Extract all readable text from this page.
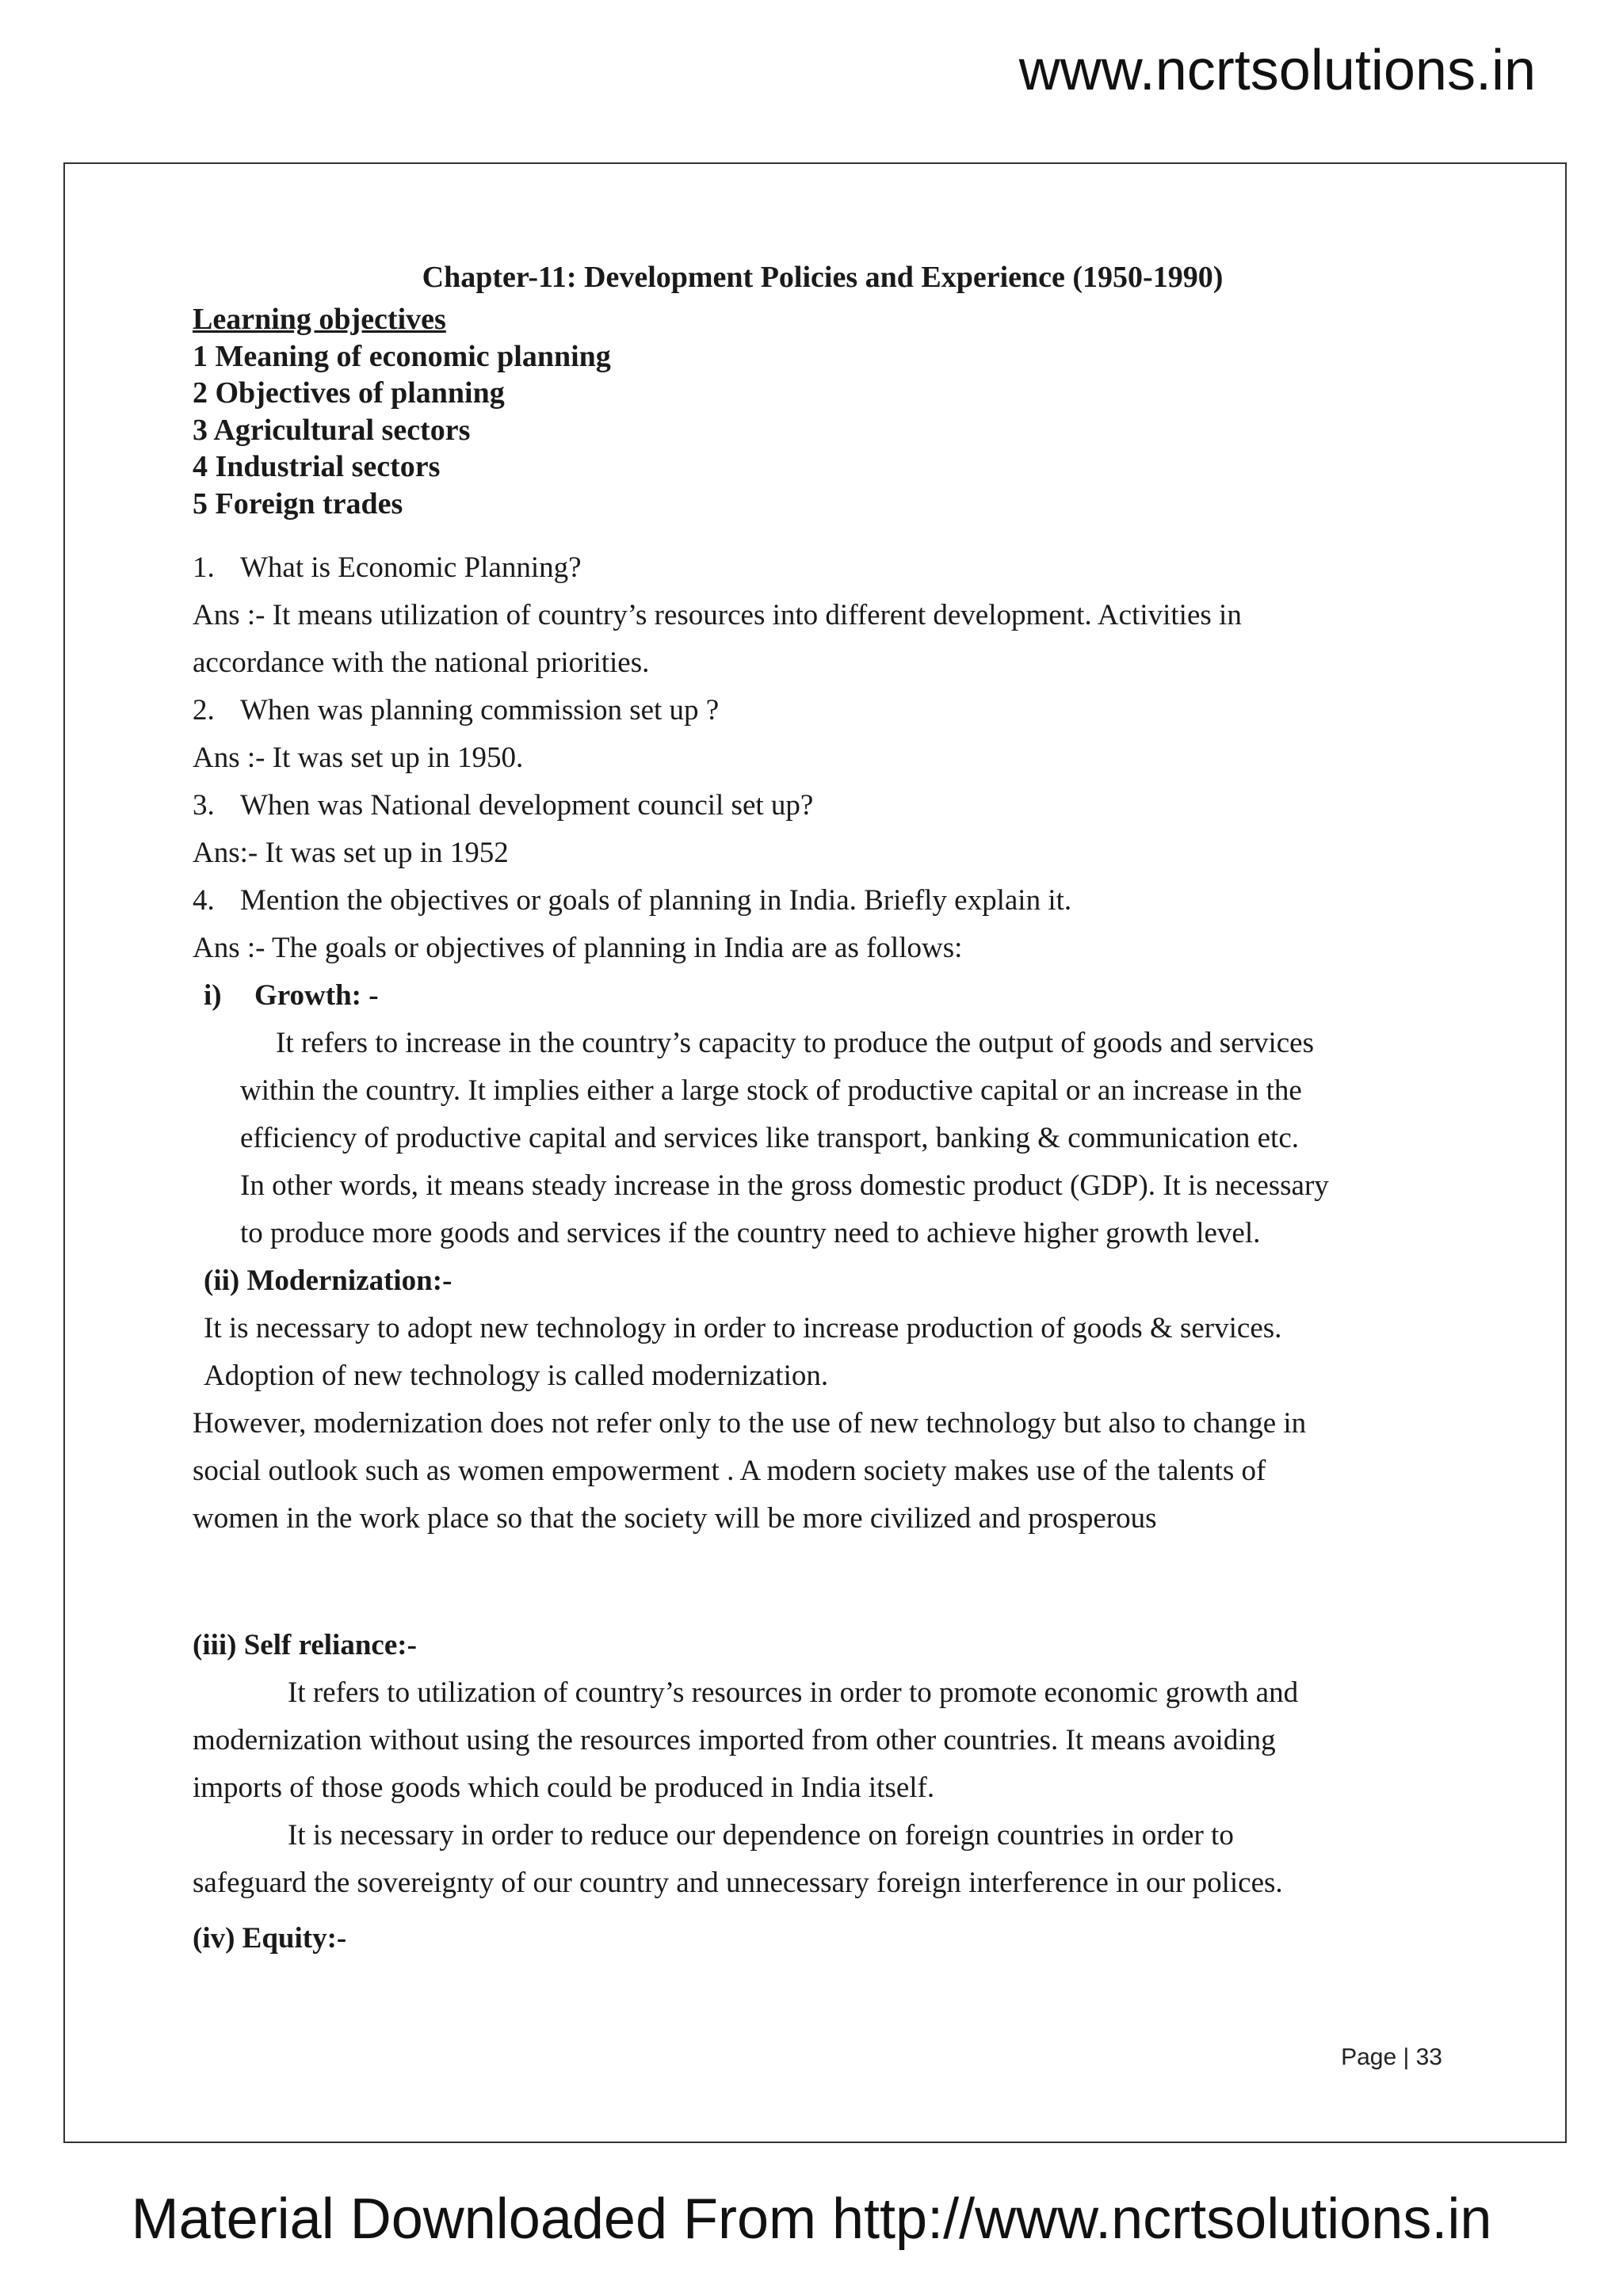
www.ncrtsolutions.in
Chapter-11: Development Policies and Experience (1950-1990)
Learning objectives
1 Meaning of economic planning
2 Objectives of planning
3 Agricultural sectors
4 Industrial sectors
5 Foreign trades
1. What is Economic Planning?
Ans :- It means utilization of country’s resources into different development. Activities in
accordance with the national priorities.
2. When was planning commission set up ?
Ans :- It was set up in 1950.
3. When was National development council set up?
Ans:- It was set up in 1952
4. Mention the objectives or goals of planning in India. Briefly explain it.
Ans :- The goals or objectives of planning in India are as follows:
i) Growth: -
It refers to increase in the country’s capacity to produce the output of goods and services
within the country. It implies either a large stock of productive capital or an increase in the
efficiency of productive capital and services like transport, banking & communication etc.
In other words, it means steady increase in the gross domestic product (GDP). It is necessary
to produce more goods and services if the country need to achieve higher growth level.
(ii) Modernization:-
It is necessary to adopt new technology in order to increase production of goods & services.
Adoption of new technology is called modernization.
However, modernization does not refer only to the use of new technology but also to change in
social outlook such as women empowerment . A modern society makes use of the talents of
women in the work place so that the society will be more civilized and prosperous
(iii) Self reliance:-
It refers to utilization of country’s resources in order to promote economic growth and
modernization without using the resources imported from other countries. It means avoiding
imports of those goods which could be produced in India itself.
It is necessary in order to reduce our dependence on foreign countries in order to
safeguard the sovereignty of our country and unnecessary foreign interference in our polices.
(iv) Equity:-
Page | 33
Material Downloaded From http://www.ncrtsolutions.in
